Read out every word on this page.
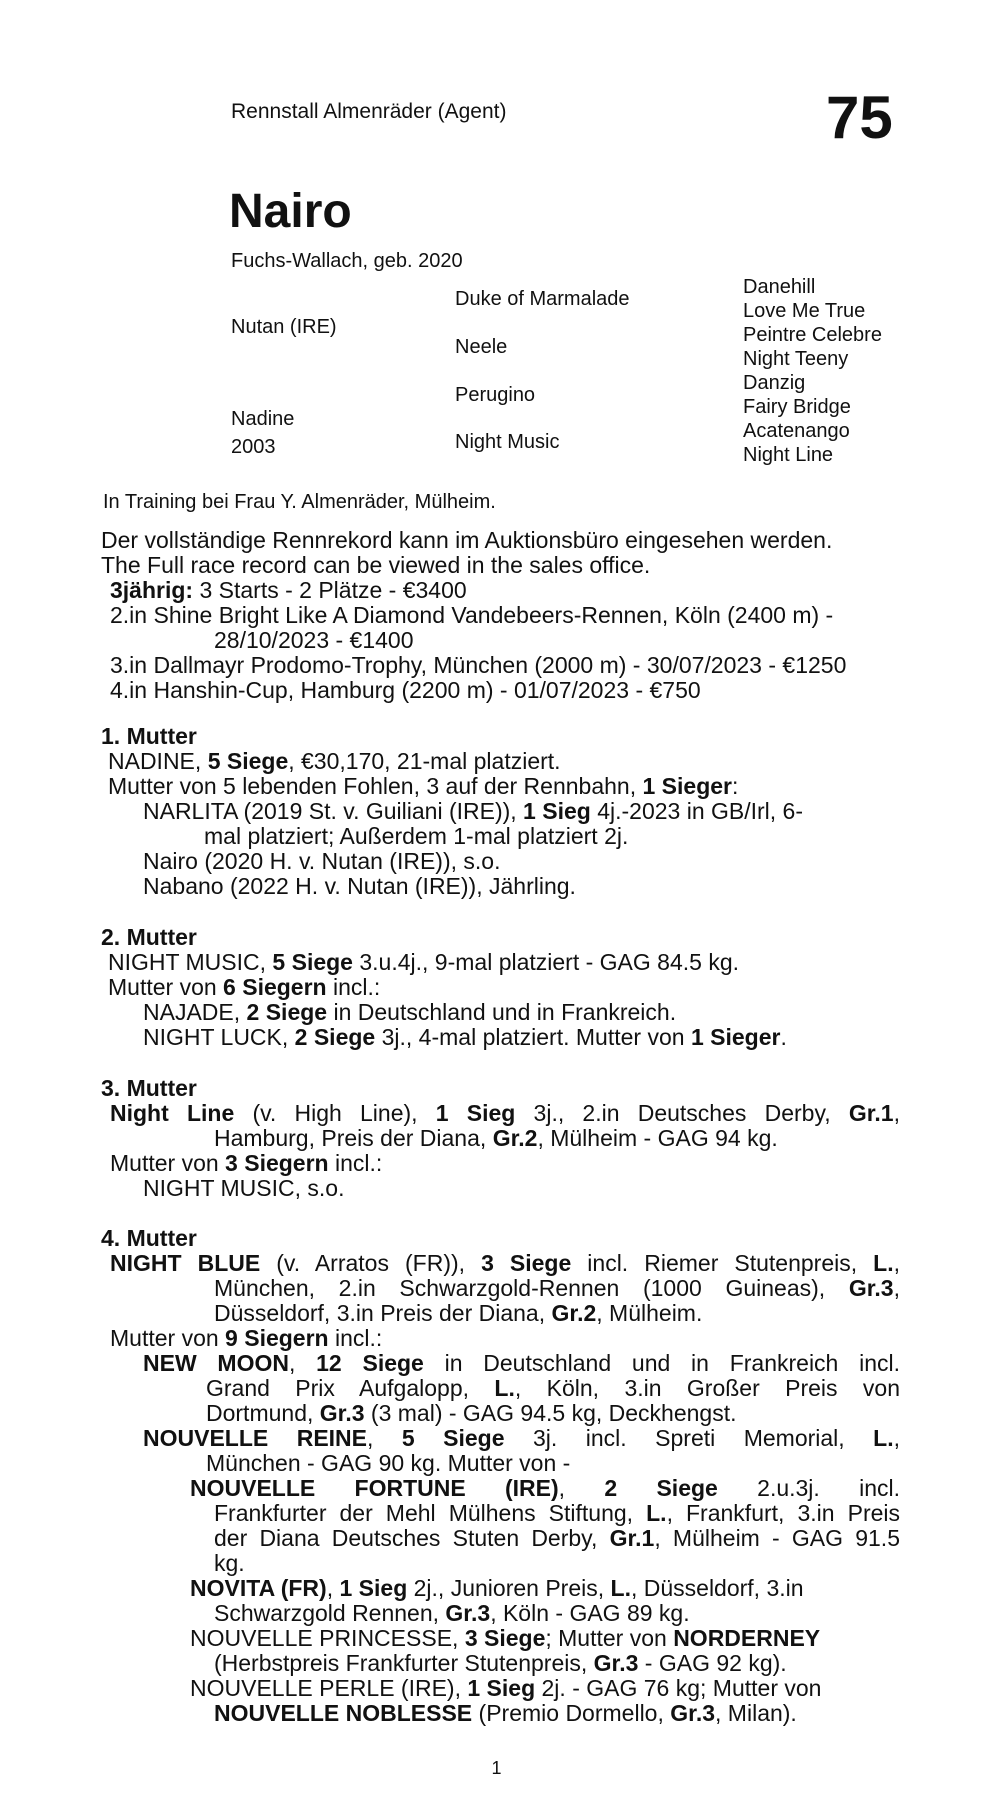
Rennstall Almenräder (Agent)	75
Nairo
Fuchs-Wallach, geb. 2020
Nutan (IRE)
Nadine
2003
Duke of Marmalade
Neele
Perugino
Night Music
Danehill
Love Me True
Peintre Celebre
Night Teeny
Danzig
Fairy Bridge
Acatenango
Night Line
In Training bei Frau Y. Almenräder, Mülheim.
Der vollständige Rennrekord kann im Auktionsbüro eingesehen werden.
The Full race record can be viewed in the sales office.
3jährig: 3 Starts - 2 Plätze - €3400
2.in Shine Bright Like A Diamond Vandebeers-Rennen, Köln (2400 m) -
28/10/2023 - €1400
3.in Dallmayr Prodomo-Trophy, München (2000 m) - 30/07/2023 - €1250
4.in Hanshin-Cup, Hamburg (2200 m) - 01/07/2023 - €750
1. Mutter
NADINE, 5 Siege, €30,170, 21-mal platziert.
Mutter von 5 lebenden Fohlen, 3 auf der Rennbahn, 1 Sieger:
NARLITA (2019 St. v. Guiliani (IRE)), 1 Sieg 4j.-2023 in GB/Irl, 6-
mal platziert; Außerdem 1-mal platziert 2j.
Nairo (2020 H. v. Nutan (IRE)), s.o.
Nabano (2022 H. v. Nutan (IRE)), Jährling.
2. Mutter
NIGHT MUSIC, 5 Siege 3.u.4j., 9-mal platziert - GAG 84.5 kg.
Mutter von 6 Siegern incl.:
NAJADE, 2 Siege in Deutschland und in Frankreich.
NIGHT LUCK, 2 Siege 3j., 4-mal platziert. Mutter von 1 Sieger.
3. Mutter
Night Line (v. High Line), 1 Sieg 3j., 2.in Deutsches Derby, Gr.1,
Hamburg, Preis der Diana, Gr.2, Mülheim - GAG 94 kg.
Mutter von 3 Siegern incl.:
NIGHT MUSIC, s.o.
4. Mutter
NIGHT BLUE (v. Arratos (FR)), 3 Siege incl. Riemer Stutenpreis, L.,
München, 2.in Schwarzgold-Rennen (1000 Guineas), Gr.3,
Düsseldorf, 3.in Preis der Diana, Gr.2, Mülheim.
Mutter von 9 Siegern incl.:
NEW MOON, 12 Siege in Deutschland und in Frankreich incl.
Grand Prix Aufgalopp, L., Köln, 3.in Großer Preis von
Dortmund, Gr.3 (3 mal) - GAG 94.5 kg, Deckhengst.
NOUVELLE REINE, 5 Siege 3j. incl. Spreti Memorial, L.,
München - GAG 90 kg. Mutter von -
NOUVELLE FORTUNE (IRE), 2 Siege 2.u.3j. incl.
Frankfurter der Mehl Mülhens Stiftung, L., Frankfurt, 3.in Preis
der Diana Deutsches Stuten Derby, Gr.1, Mülheim - GAG 91.5
kg.
NOVITA (FR), 1 Sieg 2j., Junioren Preis, L., Düsseldorf, 3.in
Schwarzgold Rennen, Gr.3, Köln - GAG 89 kg.
NOUVELLE PRINCESSE, 3 Siege; Mutter von NORDERNEY
(Herbstpreis Frankfurter Stutenpreis, Gr.3 - GAG 92 kg).
NOUVELLE PERLE (IRE), 1 Sieg 2j. - GAG 76 kg; Mutter von
NOUVELLE NOBLESSE (Premio Dormello, Gr.3, Milan).
1
